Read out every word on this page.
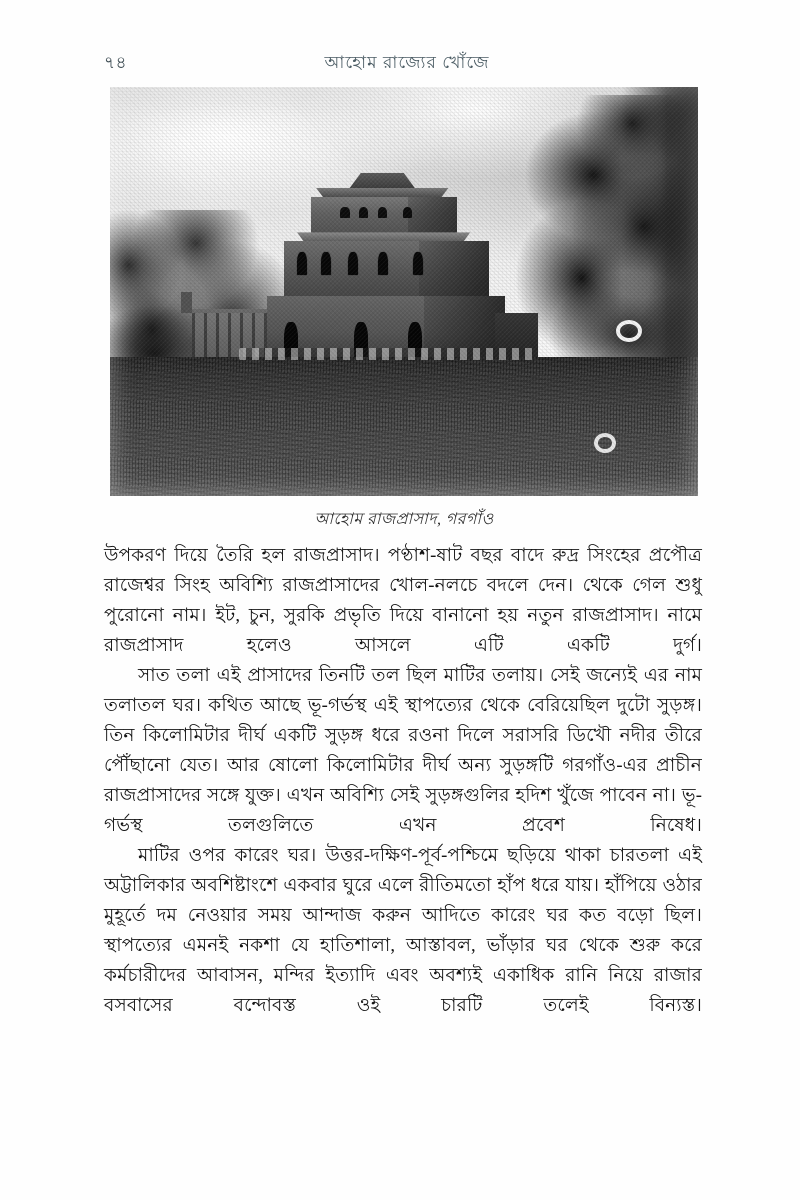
৭৪	আহোম রাজ্যের খোঁজে
আহোম রাজপ্রাসাদ, গরগাঁও

উপকরণ দিয়ে তৈরি হল রাজপ্রাসাদ। পণ্ঠাশ-ষাট বছর বাদে রুদ্র সিংহের প্রপৌত্র রাজেশ্বর সিংহ অবিশ্যি রাজপ্রাসাদের খোল-নলচে বদলে দেন। থেকে গেল শুধু পুরোনো নাম। ইট, চুন, সুরকি প্রভৃতি দিয়ে বানানো হয় নতুন রাজপ্রাসাদ। নামে রাজপ্রাসাদ হলেও আসলে এটি একটি দুর্গ।

সাত তলা এই প্রাসাদের তিনটি তল ছিল মাটির তলায়। সেই জন্যেই এর নাম তলাতল ঘর। কথিত আছে ভূ-গর্ভস্থ এই স্থাপত্যের থেকে বেরিয়েছিল দুটো সুড়ঙ্গ। তিন কিলোমিটার দীর্ঘ একটি সুড়ঙ্গ ধরে রওনা দিলে সরাসরি ডিখৌ নদীর তীরে পৌঁছানো যেত। আর ষোলো কিলোমিটার দীর্ঘ অন্য সুড়ঙ্গটি গরগাঁও-এর প্রাচীন রাজপ্রাসাদের সঙ্গে যুক্ত। এখন অবিশ্যি সেই সুড়ঙ্গগুলির হদিশ খুঁজে পাবেন না। ভূ-গর্ভস্থ তলগুলিতে এখন প্রবেশ নিষেধ।

মাটির ওপর কারেং ঘর। উত্তর-দক্ষিণ-পূর্ব-পশ্চিমে ছড়িয়ে থাকা চারতলা এই অট্টালিকার অবশিষ্টাংশে একবার ঘুরে এলে রীতিমতো হাঁপ ধরে যায়। হাঁপিয়ে ওঠার মুহূর্তে দম নেওয়ার সময় আন্দাজ করুন আদিতে কারেং ঘর কত বড়ো ছিল। স্থাপত্যের এমনই নকশা যে হাতিশালা, আস্তাবল, ভাঁড়ার ঘর থেকে শুরু করে কর্মচারীদের আবাসন, মন্দির ইত্যাদি এবং অবশ্যই একাধিক রানি নিয়ে রাজার বসবাসের বন্দোবস্ত ওই চারটি তলেই বিন্যস্ত।
